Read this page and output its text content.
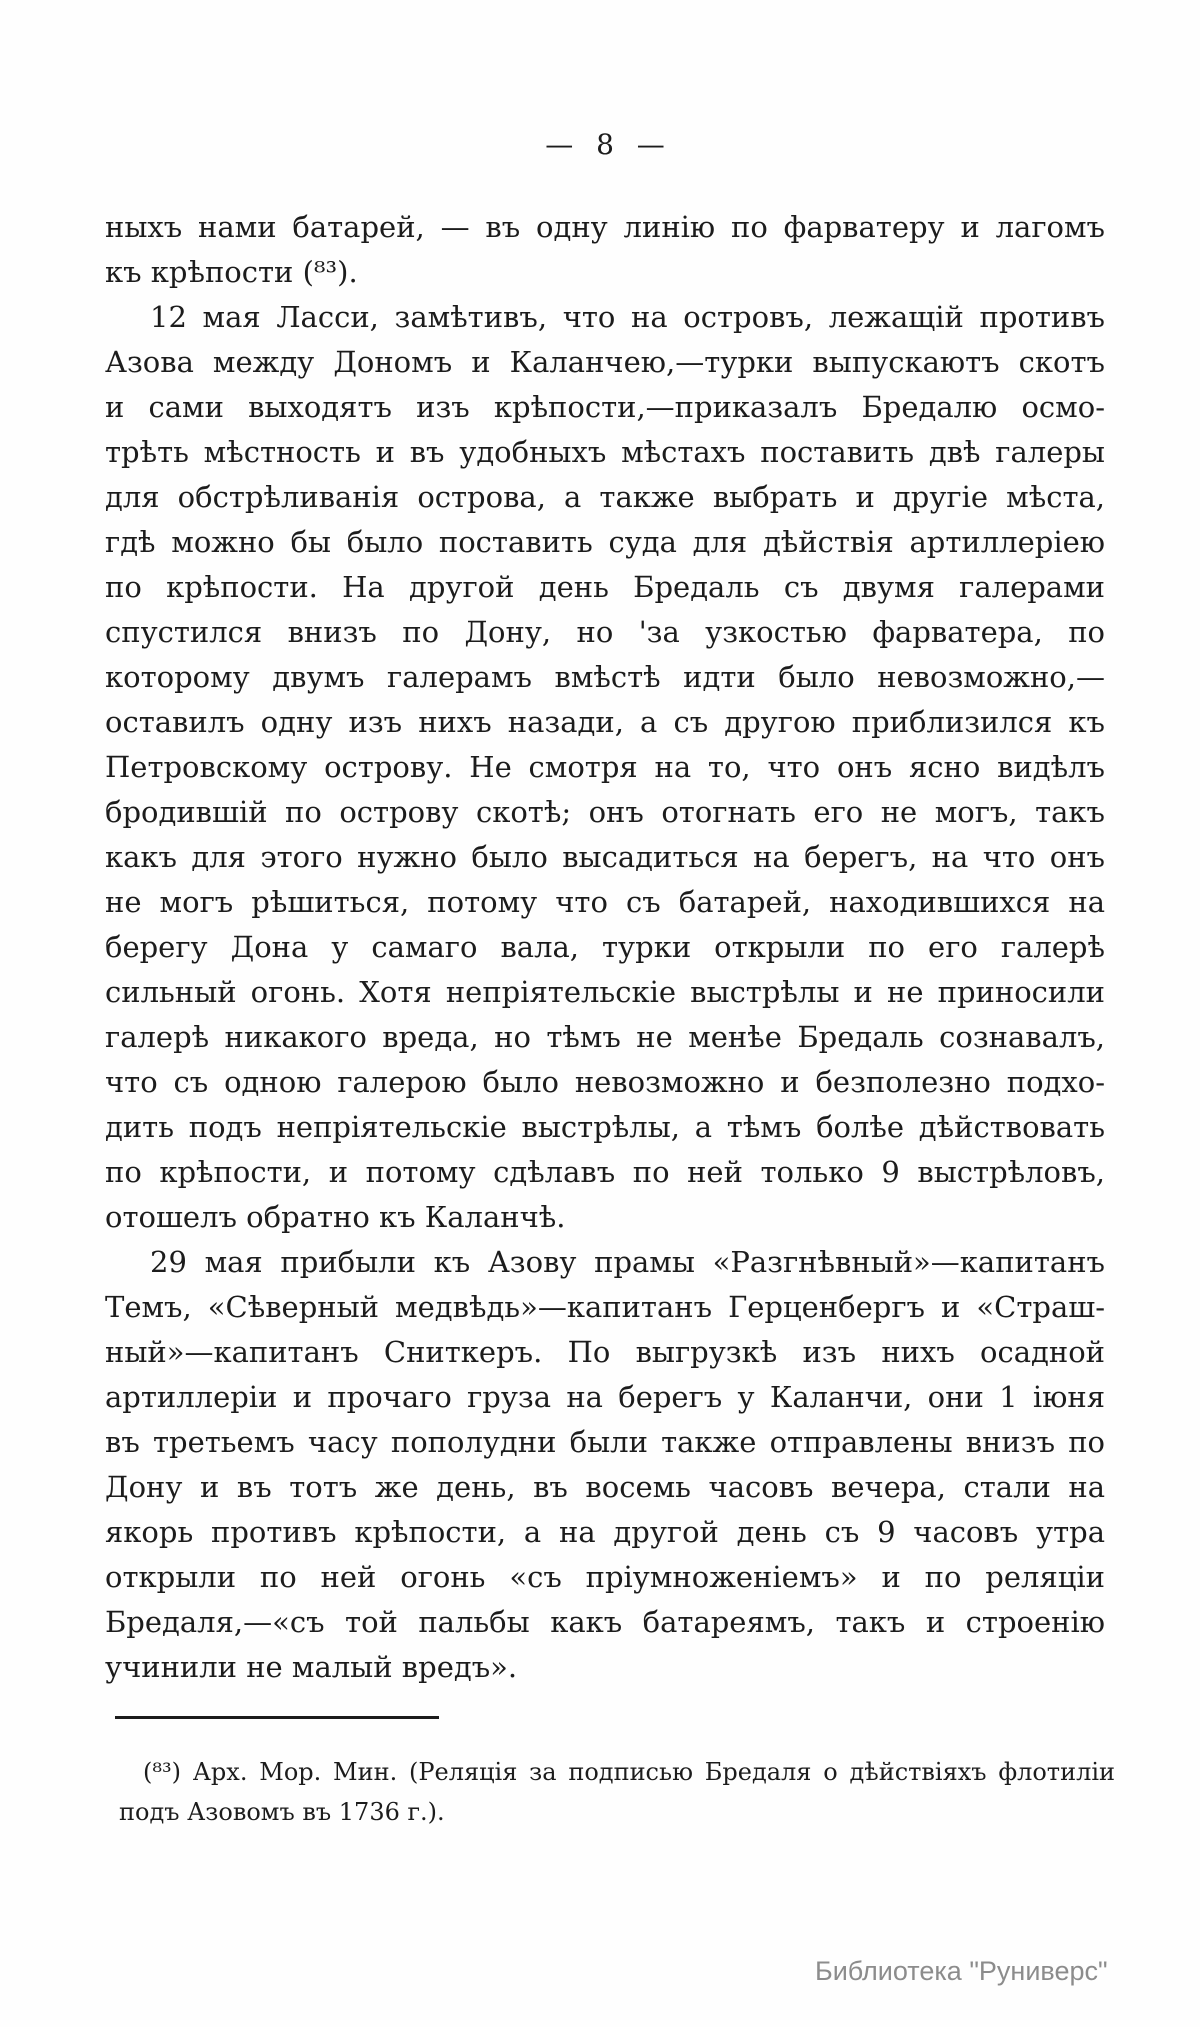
— 8 —
ныхъ нами батарей, — въ одну линію по фарватеру и лагомъ
къ крѣпости (⁸³).
12 мая Ласси, замѣтивъ, что на островъ, лежащій противъ
Азова между Дономъ и Каланчею,—турки выпускаютъ скотъ
и сами выходятъ изъ крѣпости,—приказалъ Бредалю осмо-
трѣть мѣстность и въ удобныхъ мѣстахъ поставить двѣ галеры
для обстрѣливанія острова, а также выбрать и другіе мѣста,
гдѣ можно бы было поставить суда для дѣйствія артиллеріею
по крѣпости. На другой день Бредаль съ двумя галерами
спустился внизъ по Дону, но 'за узкостью фарватера, по
которому двумъ галерамъ вмѣстѣ идти было невозможно,—
оставилъ одну изъ нихъ назади, а съ другою приблизился къ
Петровскому острову. Не смотря на то, что онъ ясно видѣлъ
бродившій по острову скотѣ; онъ отогнать его не могъ, такъ
какъ для этого нужно было высадиться на берегъ, на что онъ
не могъ рѣшиться, потому что съ батарей, находившихся на
берегу Дона у самаго вала, турки открыли по его галерѣ
сильный огонь. Хотя непріятельскіе выстрѣлы и не приносили
галерѣ никакого вреда, но тѣмъ не менѣе Бредаль сознавалъ,
что съ одною галерою было невозможно и безполезно подхо-
дить подъ непріятельскіе выстрѣлы, а тѣмъ болѣе дѣйствовать
по крѣпости, и потому сдѣлавъ по ней только 9 выстрѣловъ,
отошелъ обратно къ Каланчѣ.
29 мая прибыли къ Азову прамы «Разгнѣвный»—капитанъ
Темъ, «Сѣверный медвѣдь»—капитанъ Герценбергъ и «Страш-
ный»—капитанъ Сниткеръ. По выгрузкѣ изъ нихъ осадной
артиллеріи и прочаго груза на берегъ у Каланчи, они 1 іюня
въ третьемъ часу пополудни были также отправлены внизъ по
Дону и въ тотъ же день, въ восемь часовъ вечера, стали на
якорь противъ крѣпости, а на другой день съ 9 часовъ утра
открыли по ней огонь «съ пріумноженіемъ» и по реляціи
Бредаля,—«съ той пальбы какъ батареямъ, такъ и строенію
учинили не малый вредъ».
(⁸³) Арх. Мор. Мин. (Реляція за подписью Бредаля о дѣйствіяхъ флотиліи
подъ Азовомъ въ 1736 г.).
Библиотека "Руниверс"
